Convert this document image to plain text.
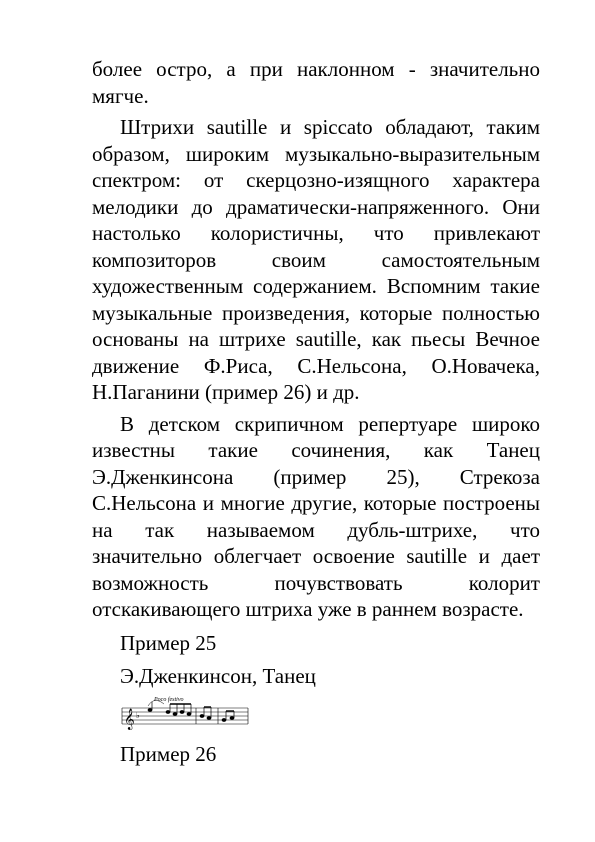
более остро, а при наклонном - значительно мягче.

Штрихи sautille и spiccato обладают, таким образом, широким музыкально-выразительным спектром: от скерцозно-изящного характера мелодики до драматически-напряженного. Они настолько колористичны, что привлекают композиторов своим самостоятельным художественным содержанием. Вспомним такие музыкальные произведения, которые полностью основаны на штрихе sautille, как пьесы Вечное движение Ф.Риса, С.Нельсона, О.Новачека, Н.Паганини (пример 26) и др.

В детском скрипичном репертуаре широко известны такие сочинения, как Танец Э.Дженкинсона (пример 25), Стрекоза С.Нельсона и многие другие, которые построены на так называемом дубль-штрихе, что значительно облегчает освоение sautille и дает возможность почувствовать колорит отскакивающего штриха уже в раннем возрасте.

Пример 25

Э.Дженкинсон, Танец

Poco festivo
𝄞 ♭

Пример 26
